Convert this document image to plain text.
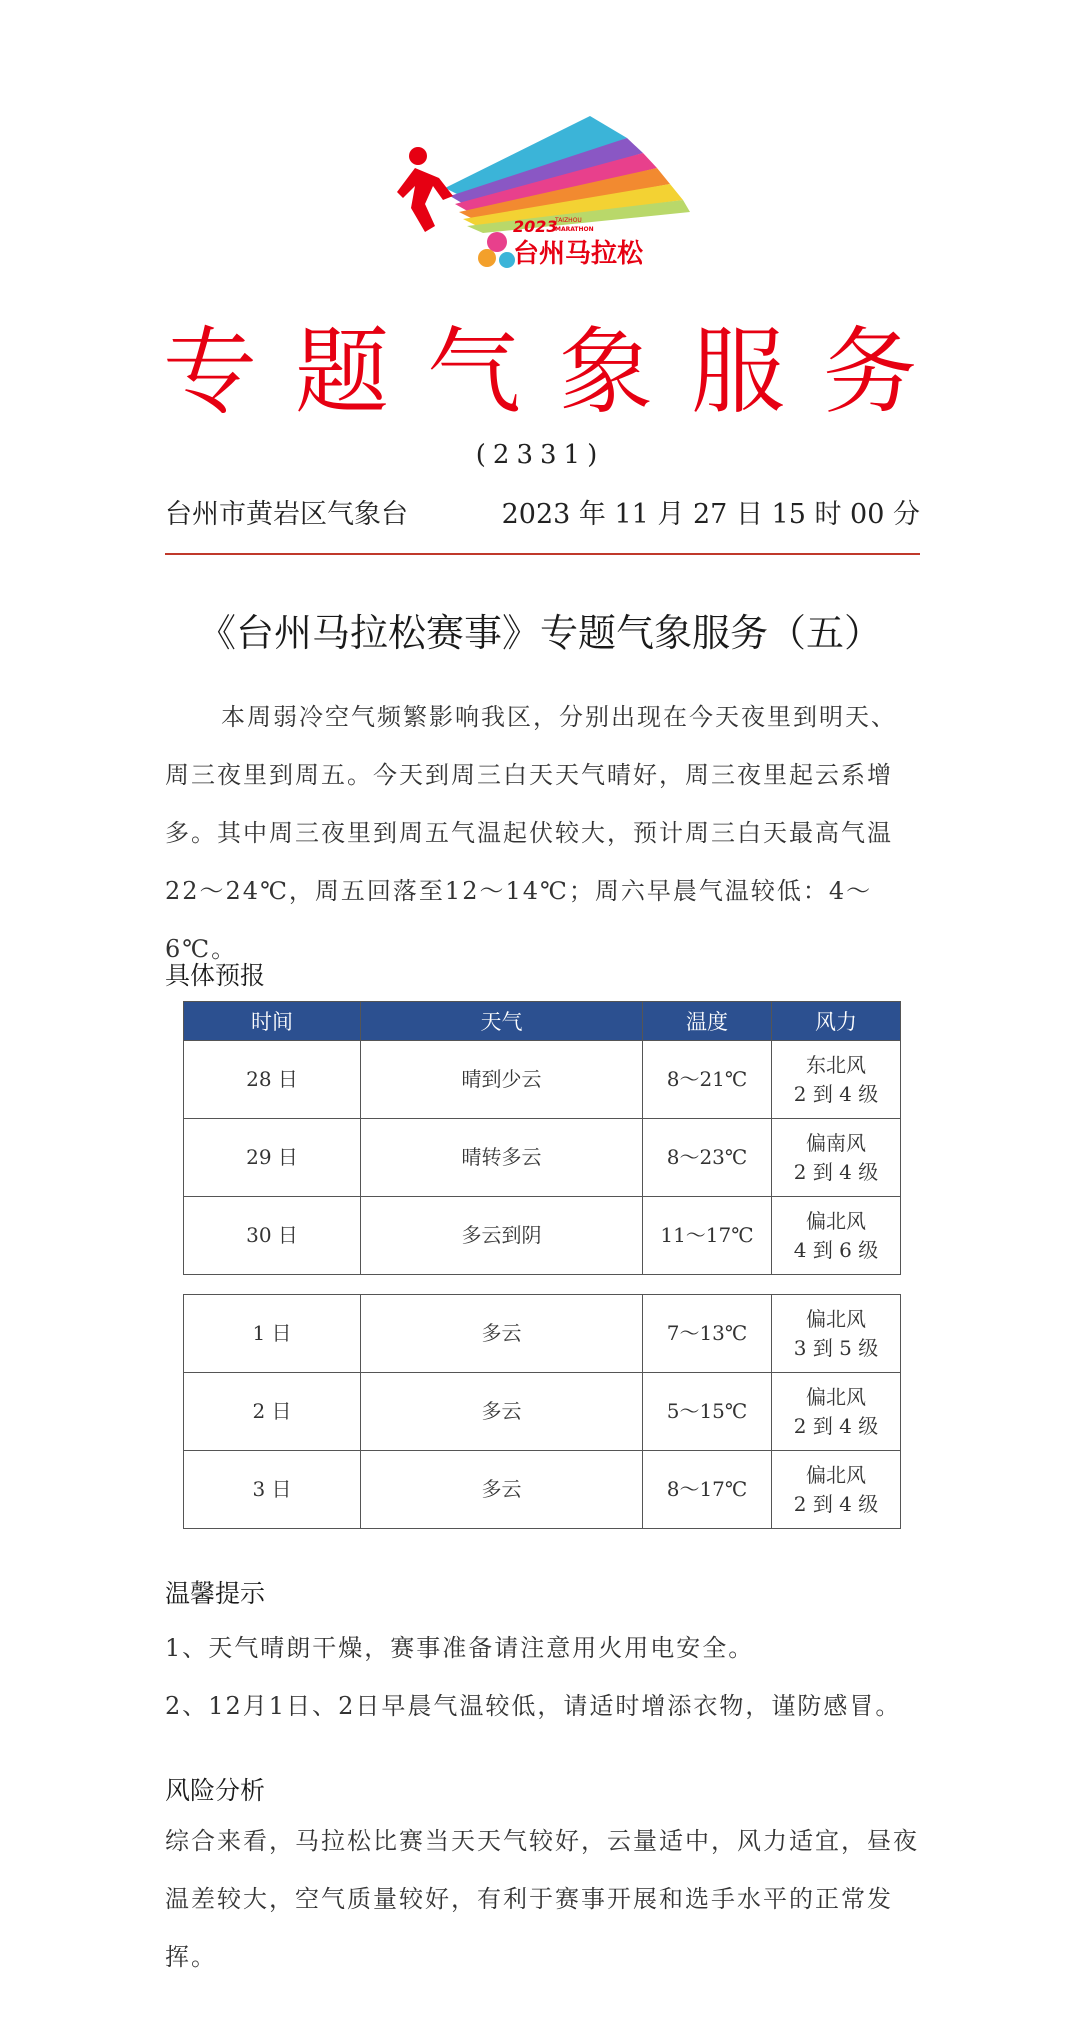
2023
TAIZHOU
MARATHON
台州马拉松
专题气象服务
(2331)
台州市黄岩区气象台	2023 年 11 月 27 日 15 时 00 分
《台州马拉松赛事》专题气象服务（五）
本周弱冷空气频繁影响我区，分别出现在今天夜里到明天、周三夜里到周五。今天到周三白天天气晴好，周三夜里起云系增多。其中周三夜里到周五气温起伏较大，预计周三白天最高气温22～24℃，周五回落至12～14℃；周六早晨气温较低：4～6℃。
具体预报
时间	天气	温度	风力
28 日	晴到少云	8～21℃	东北风
2 到 4 级

29 日	晴转多云	8～23℃	偏南风
2 到 4 级

30 日	多云到阴	11～17℃	偏北风
4 到 6 级
1 日	多云	7～13℃	偏北风
3 到 5 级

2 日	多云	5～15℃	偏北风
2 到 4 级

3 日	多云	8～17℃	偏北风
2 到 4 级
温馨提示
1、天气晴朗干燥，赛事准备请注意用火用电安全。
2、12月1日、2日早晨气温较低，请适时增添衣物，谨防感冒。
风险分析
综合来看，马拉松比赛当天天气较好，云量适中，风力适宜，昼夜温差较大，空气质量较好，有利于赛事开展和选手水平的正常发挥。
